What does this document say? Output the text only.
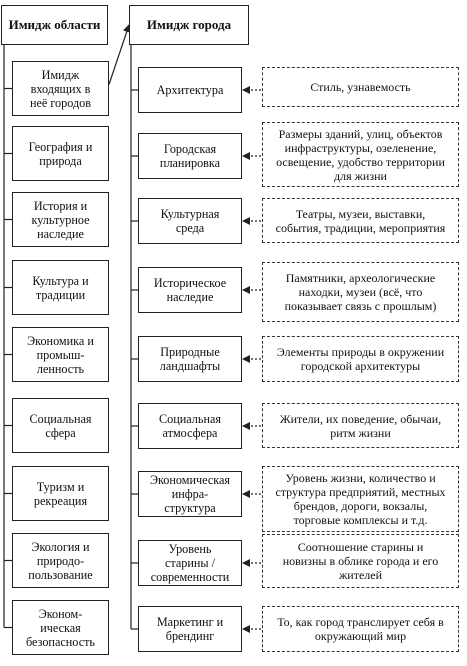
Имидж области	Имидж города
Имидж
входящих в
неё городов
География и
природа
История и
культурное
наследие
Культура и
традиции
Экономика и
промыш-
ленность
Социальная
сфера
Туризм и
рекреация
Экология и
природо-
пользование
Эконом-
ическая
безопасность
Архитектура
Городская
планировка
Культурная
среда
Историческое
наследие
Природные
ландшафты
Социальная
атмосфера
Экономическая
инфра-
структура
Уровень
старины /
современности
Маркетинг и
брендинг
Стиль, узнавемость
Размеры зданий, улиц, объектов
инфраструктуры, озеленение,
освещение, удобство территории
для жизни
Театры, музеи, выставки,
события, традиции, мероприятия
Памятники, археологические
находки, музеи (всё, что
показывает связь с прошлым)
Элементы природы в окружении
городской архитектуры
Жители, их поведение, обычаи,
ритм жизни
Уровень жизни, количество и
структура предприятий, местных
брендов, дороги, вокзалы,
торговые комплексы и т.д.
Соотношение старины и
новизны в облике города и его
жителей
То, как город транслирует себя в
окружающий мир
